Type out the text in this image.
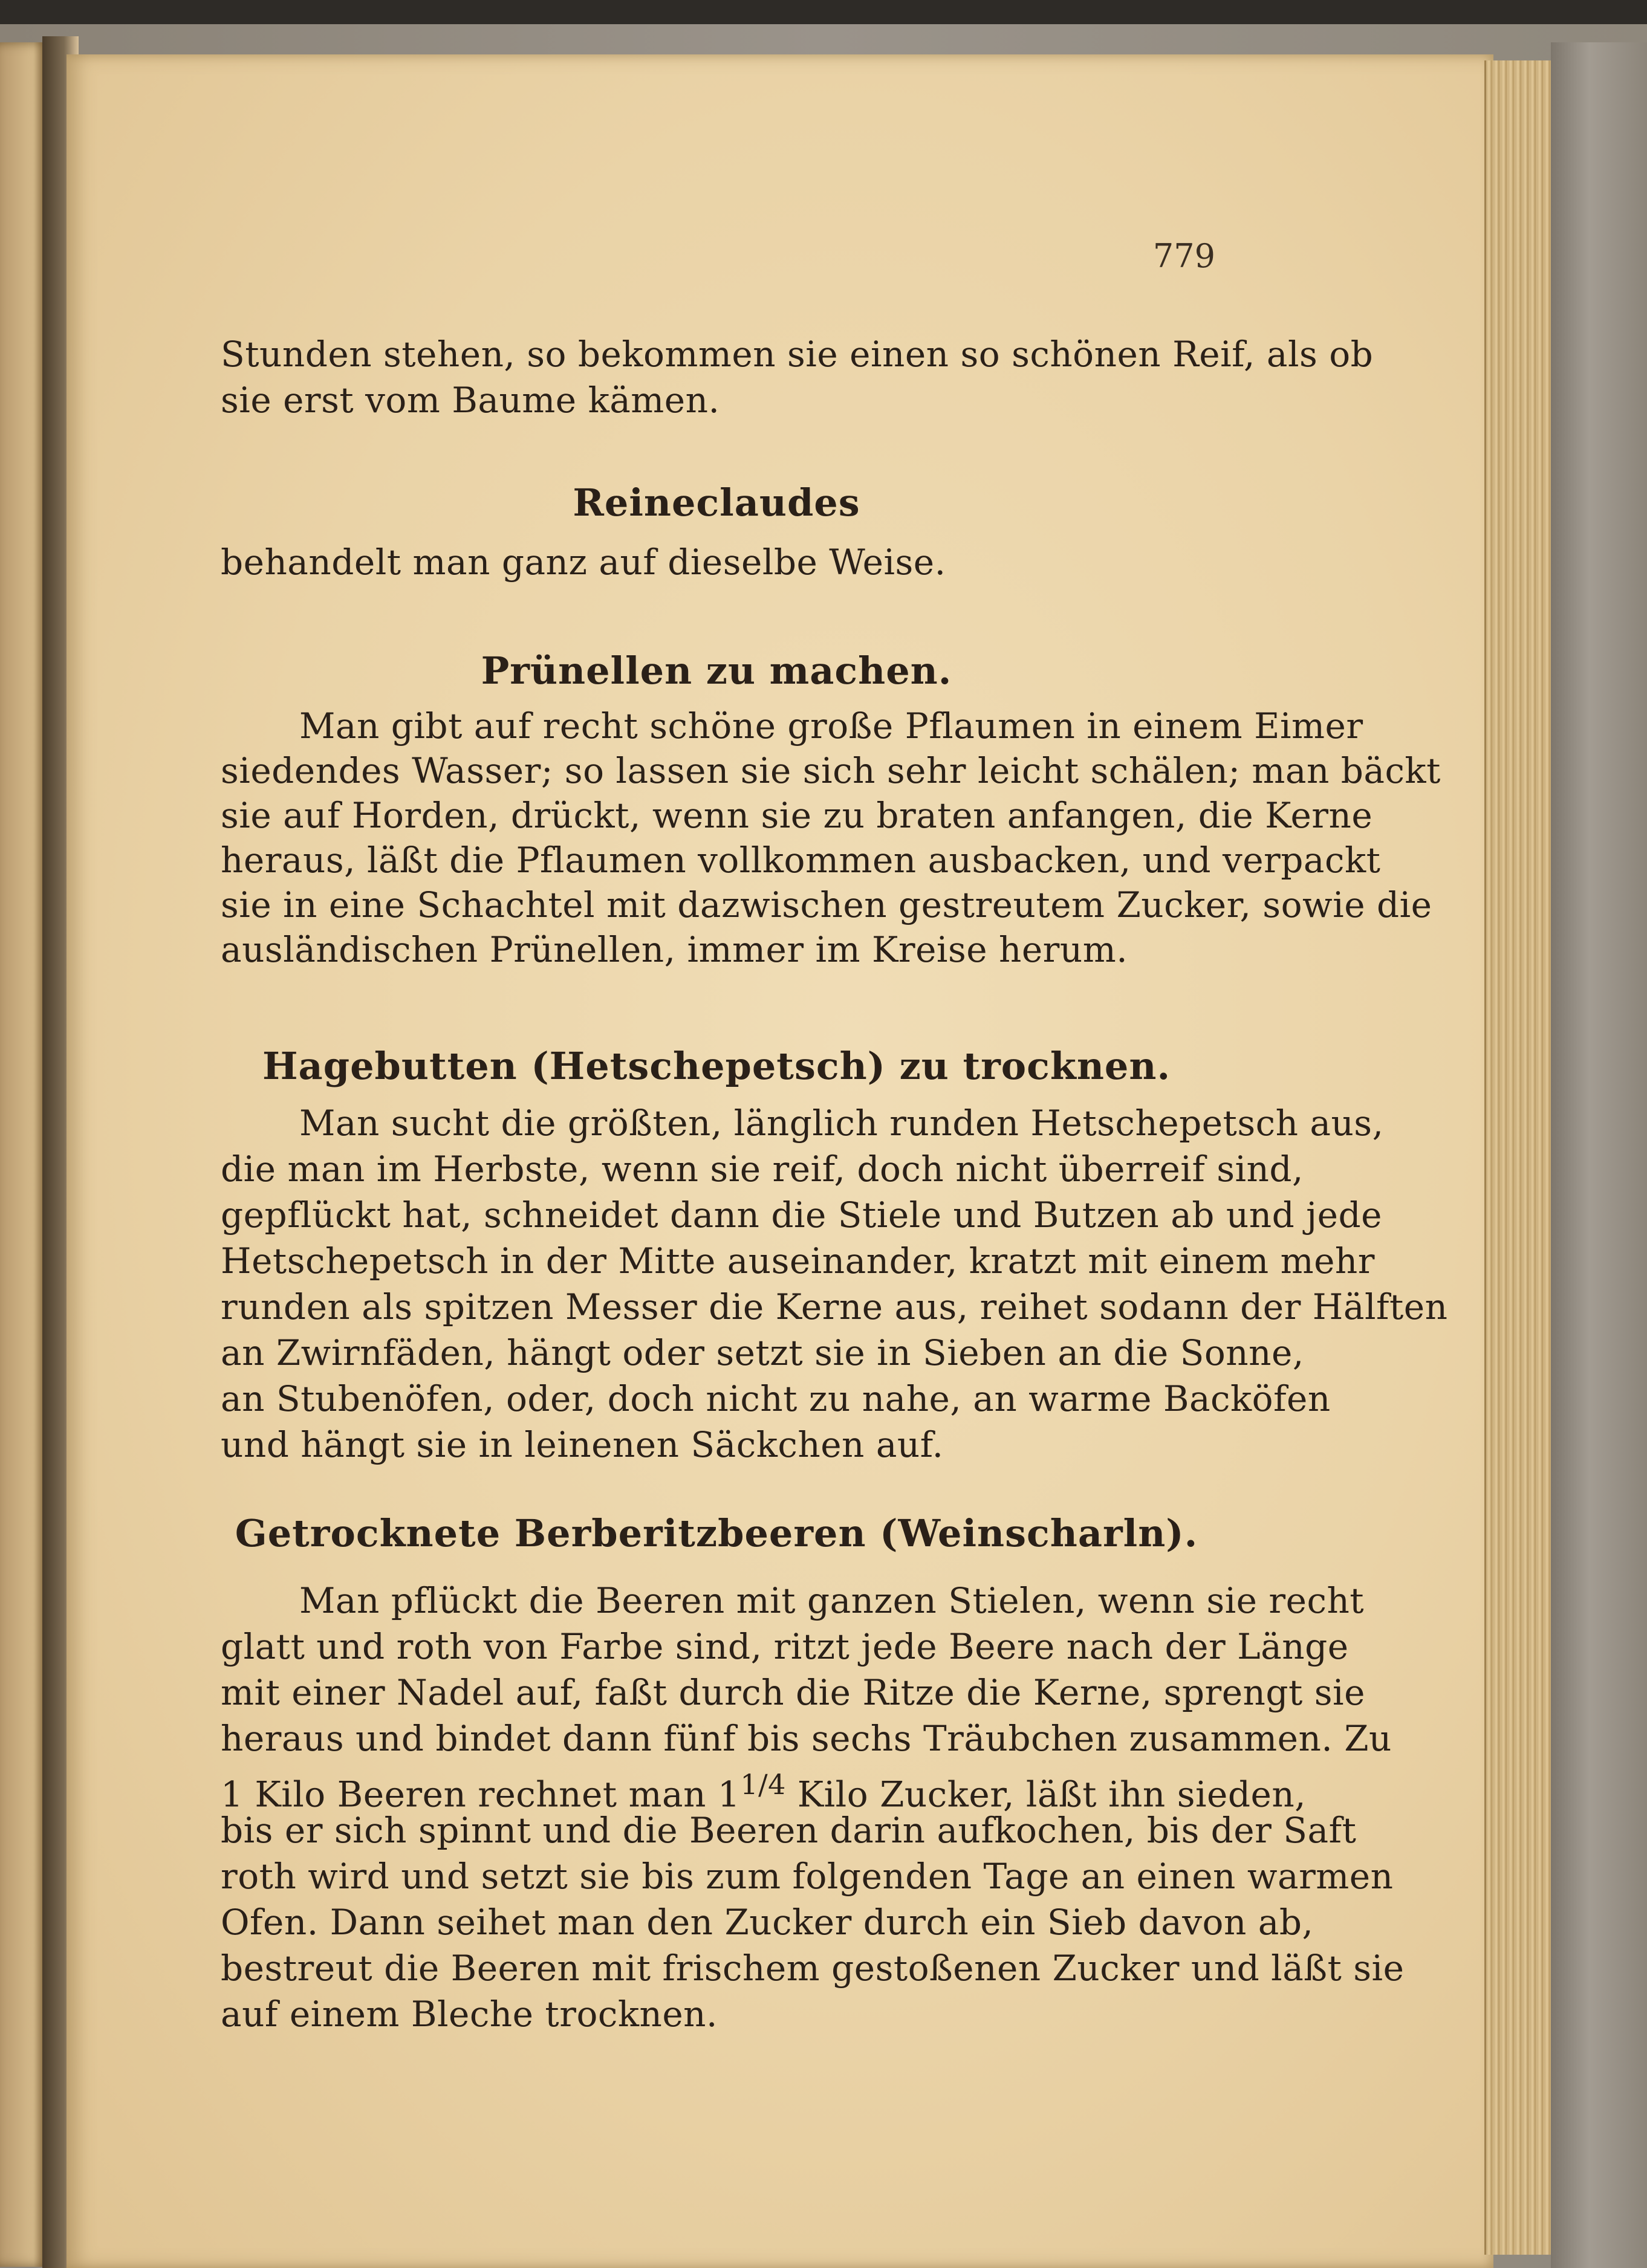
779
Stunden stehen, so bekommen sie einen so schönen Reif, als ob
sie erst vom Baume kämen.
Reineclaudes
behandelt man ganz auf dieselbe Weise.
Prünellen zu machen.
Man gibt auf recht schöne große Pflaumen in einem Eimer
siedendes Wasser; so lassen sie sich sehr leicht schälen; man bäckt
sie auf Horden, drückt, wenn sie zu braten anfangen, die Kerne
heraus, läßt die Pflaumen vollkommen ausbacken, und verpackt
sie in eine Schachtel mit dazwischen gestreutem Zucker, sowie die
ausländischen Prünellen, immer im Kreise herum.
Hagebutten (Hetschepetsch) zu trocknen.
Man sucht die größten, länglich runden Hetschepetsch aus,
die man im Herbste, wenn sie reif, doch nicht überreif sind,
gepflückt hat, schneidet dann die Stiele und Butzen ab und jede
Hetschepetsch in der Mitte auseinander, kratzt mit einem mehr
runden als spitzen Messer die Kerne aus, reihet sodann der Hälften
an Zwirnfäden, hängt oder setzt sie in Sieben an die Sonne,
an Stubenöfen, oder, doch nicht zu nahe, an warme Backöfen
und hängt sie in leinenen Säckchen auf.
Getrocknete Berberitzbeeren (Weinscharln).
Man pflückt die Beeren mit ganzen Stielen, wenn sie recht
glatt und roth von Farbe sind, ritzt jede Beere nach der Länge
mit einer Nadel auf, faßt durch die Ritze die Kerne, sprengt sie
heraus und bindet dann fünf bis sechs Träubchen zusammen. Zu
1 Kilo Beeren rechnet man $1^{1/4}$ Kilo Zucker, läßt ihn sieden,
bis er sich spinnt und die Beeren darin aufkochen, bis der Saft
roth wird und setzt sie bis zum folgenden Tage an einen warmen
Ofen. Dann seihet man den Zucker durch ein Sieb davon ab,
bestreut die Beeren mit frischem gestoßenen Zucker und läßt sie
auf einem Bleche trocknen.
